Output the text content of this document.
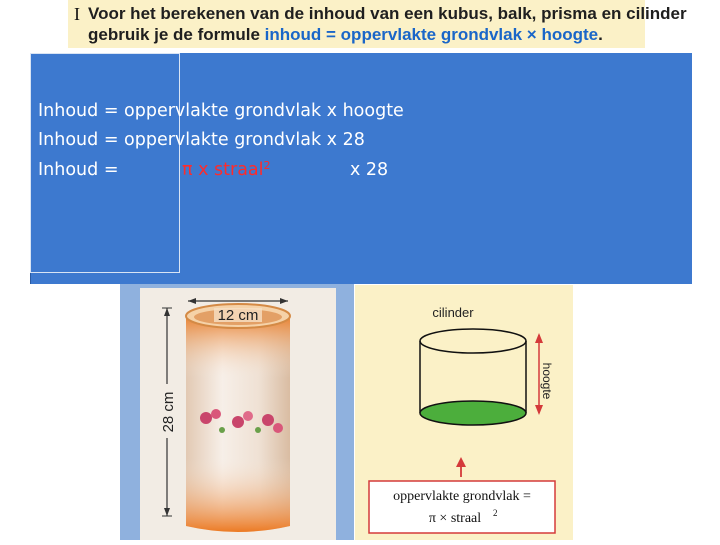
I Voor het berekenen van de inhoud van een kubus, balk, prisma en cilinder
gebruik je de formule inhoud = oppervlakte grondvlak × hoogte.
12 cm
28 cm
cilinder
hoogte
oppervlakte grondvlak =
π × straal 2
Inhoud = oppervlakte grondvlak x hoogte
Inhoud = oppervlakte grondvlak x 28
Inhoud =	π x straal$^2$	x 28
